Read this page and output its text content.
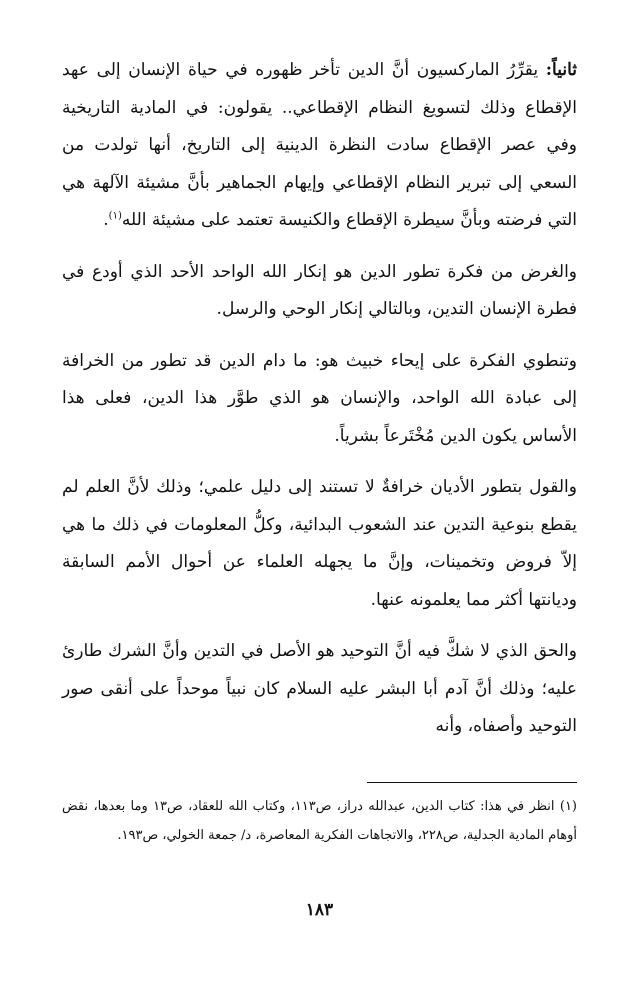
ثانياً: يقرِّرُ الماركسيون أنَّ الدين تأخر ظهوره في حياة الإنسان إلى عهد الإقطاع وذلك لتسويغ النظام الإقطاعي.. يقولون: في المادية التاريخية وفي عصر الإقطاع سادت النظرة الدينية إلى التاريخ، أنها تولدت من السعي إلى تبرير النظام الإقطاعي وإيهام الجماهير بأنَّ مشيئة الآلهة هي التي فرضته وبأنَّ سيطرة الإقطاع والكنيسة تعتمد على مشيئة الله$^{(١)}$.

والغرض من فكرة تطور الدين هو إنكار الله الواحد الأحد الذي أودع في فطرة الإنسان التدين، وبالتالي إنكار الوحي والرسل.

وتنطوي الفكرة على إيحاء خبيث هو: ما دام الدين قد تطور من الخرافة إلى عبادة الله الواحد، والإنسان هو الذي طوَّر هذا الدين، فعلى هذا الأساس يكون الدين مُخْتَرعاً بشرياً.

والقول بتطور الأديان خرافةٌ لا تستند إلى دليل علمي؛ وذلك لأنَّ العلم لم يقطع بنوعية التدين عند الشعوب البدائية، وكلُّ المعلومات في ذلك ما هي إلاّ فروض وتخمينات، وإنَّ ما يجهله العلماء عن أحوال الأمم السابقة وديانتها أكثر مما يعلمونه عنها.

والحق الذي لا شكَّ فيه أنَّ التوحيد هو الأصل في التدين وأنَّ الشرك طارئ عليه؛ وذلك أنَّ آدم أبا البشر عليه السلام كان نبياً موحداً على أنقى صور التوحيد وأصفاه، وأنه

(١) انظر في هذا: كتاب الدين، عبدالله دراز، ص١١٣، وكتاب الله للعقاد، ص١٣ وما بعدها، نقض أوهام المادية الجدلية، ص٢٢٨، والاتجاهات الفكرية المعاصرة، د/ جمعة الخولي، ص١٩٣.

١٨٣
